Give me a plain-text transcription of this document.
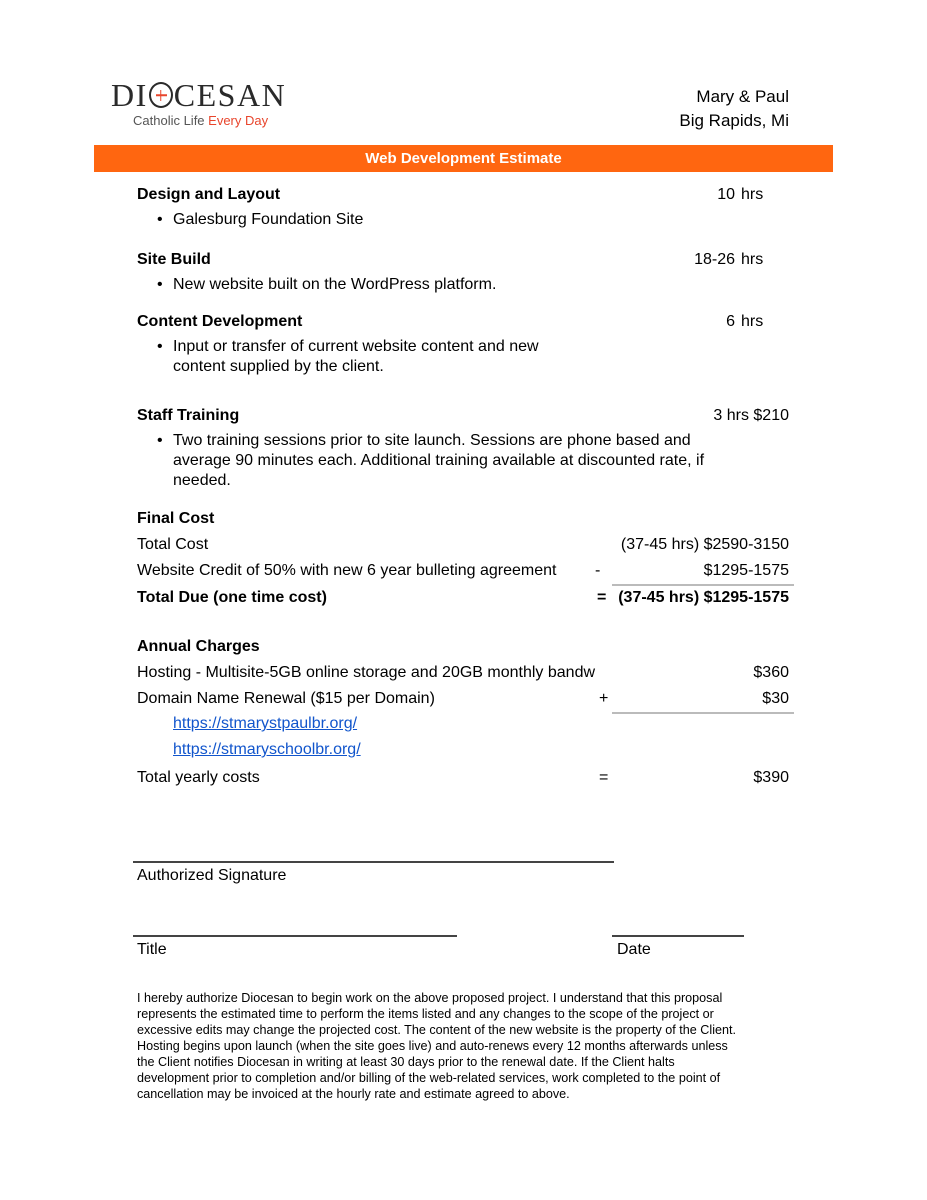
DI CESAN
Catholic Life Every Day
Mary & Paul
Big Rapids, Mi
Web Development Estimate
Design and Layout	10 hrs
• Galesburg Foundation Site
Site Build	18-26 hrs
• New website built on the WordPress platform.
Content Development	6 hrs
• Input or transfer of current website content and new
content supplied by the client.
Staff Training	3 hrs $210
• Two training sessions prior to site launch. Sessions are phone based and
average 90 minutes each. Additional training available at discounted rate, if
needed.
Final Cost
Total Cost	(37-45 hrs) $2590-3150
Website Credit of 50% with new 6 year bulleting agreement -	$1295-1575
Total Due (one time cost)	= (37-45 hrs) $1295-1575
Annual Charges
Hosting - Multisite-5GB online storage and 20GB monthly bandw	$360
Domain Name Renewal ($15 per Domain)	+	$30
https://stmarystpaulbr.org/
https://stmaryschoolbr.org/
Total yearly costs	=	$390
Authorized Signature
Title	Date
I hereby authorize Diocesan to begin work on the above proposed project. I understand that this proposal
represents the estimated time to perform the items listed and any changes to the scope of the project or
excessive edits may change the projected cost. The content of the new website is the property of the Client.
Hosting begins upon launch (when the site goes live) and auto-renews every 12 months afterwards unless
the Client notifies Diocesan in writing at least 30 days prior to the renewal date. If the Client halts
development prior to completion and/or billing of the web-related services, work completed to the point of
cancellation may be invoiced at the hourly rate and estimate agreed to above.
